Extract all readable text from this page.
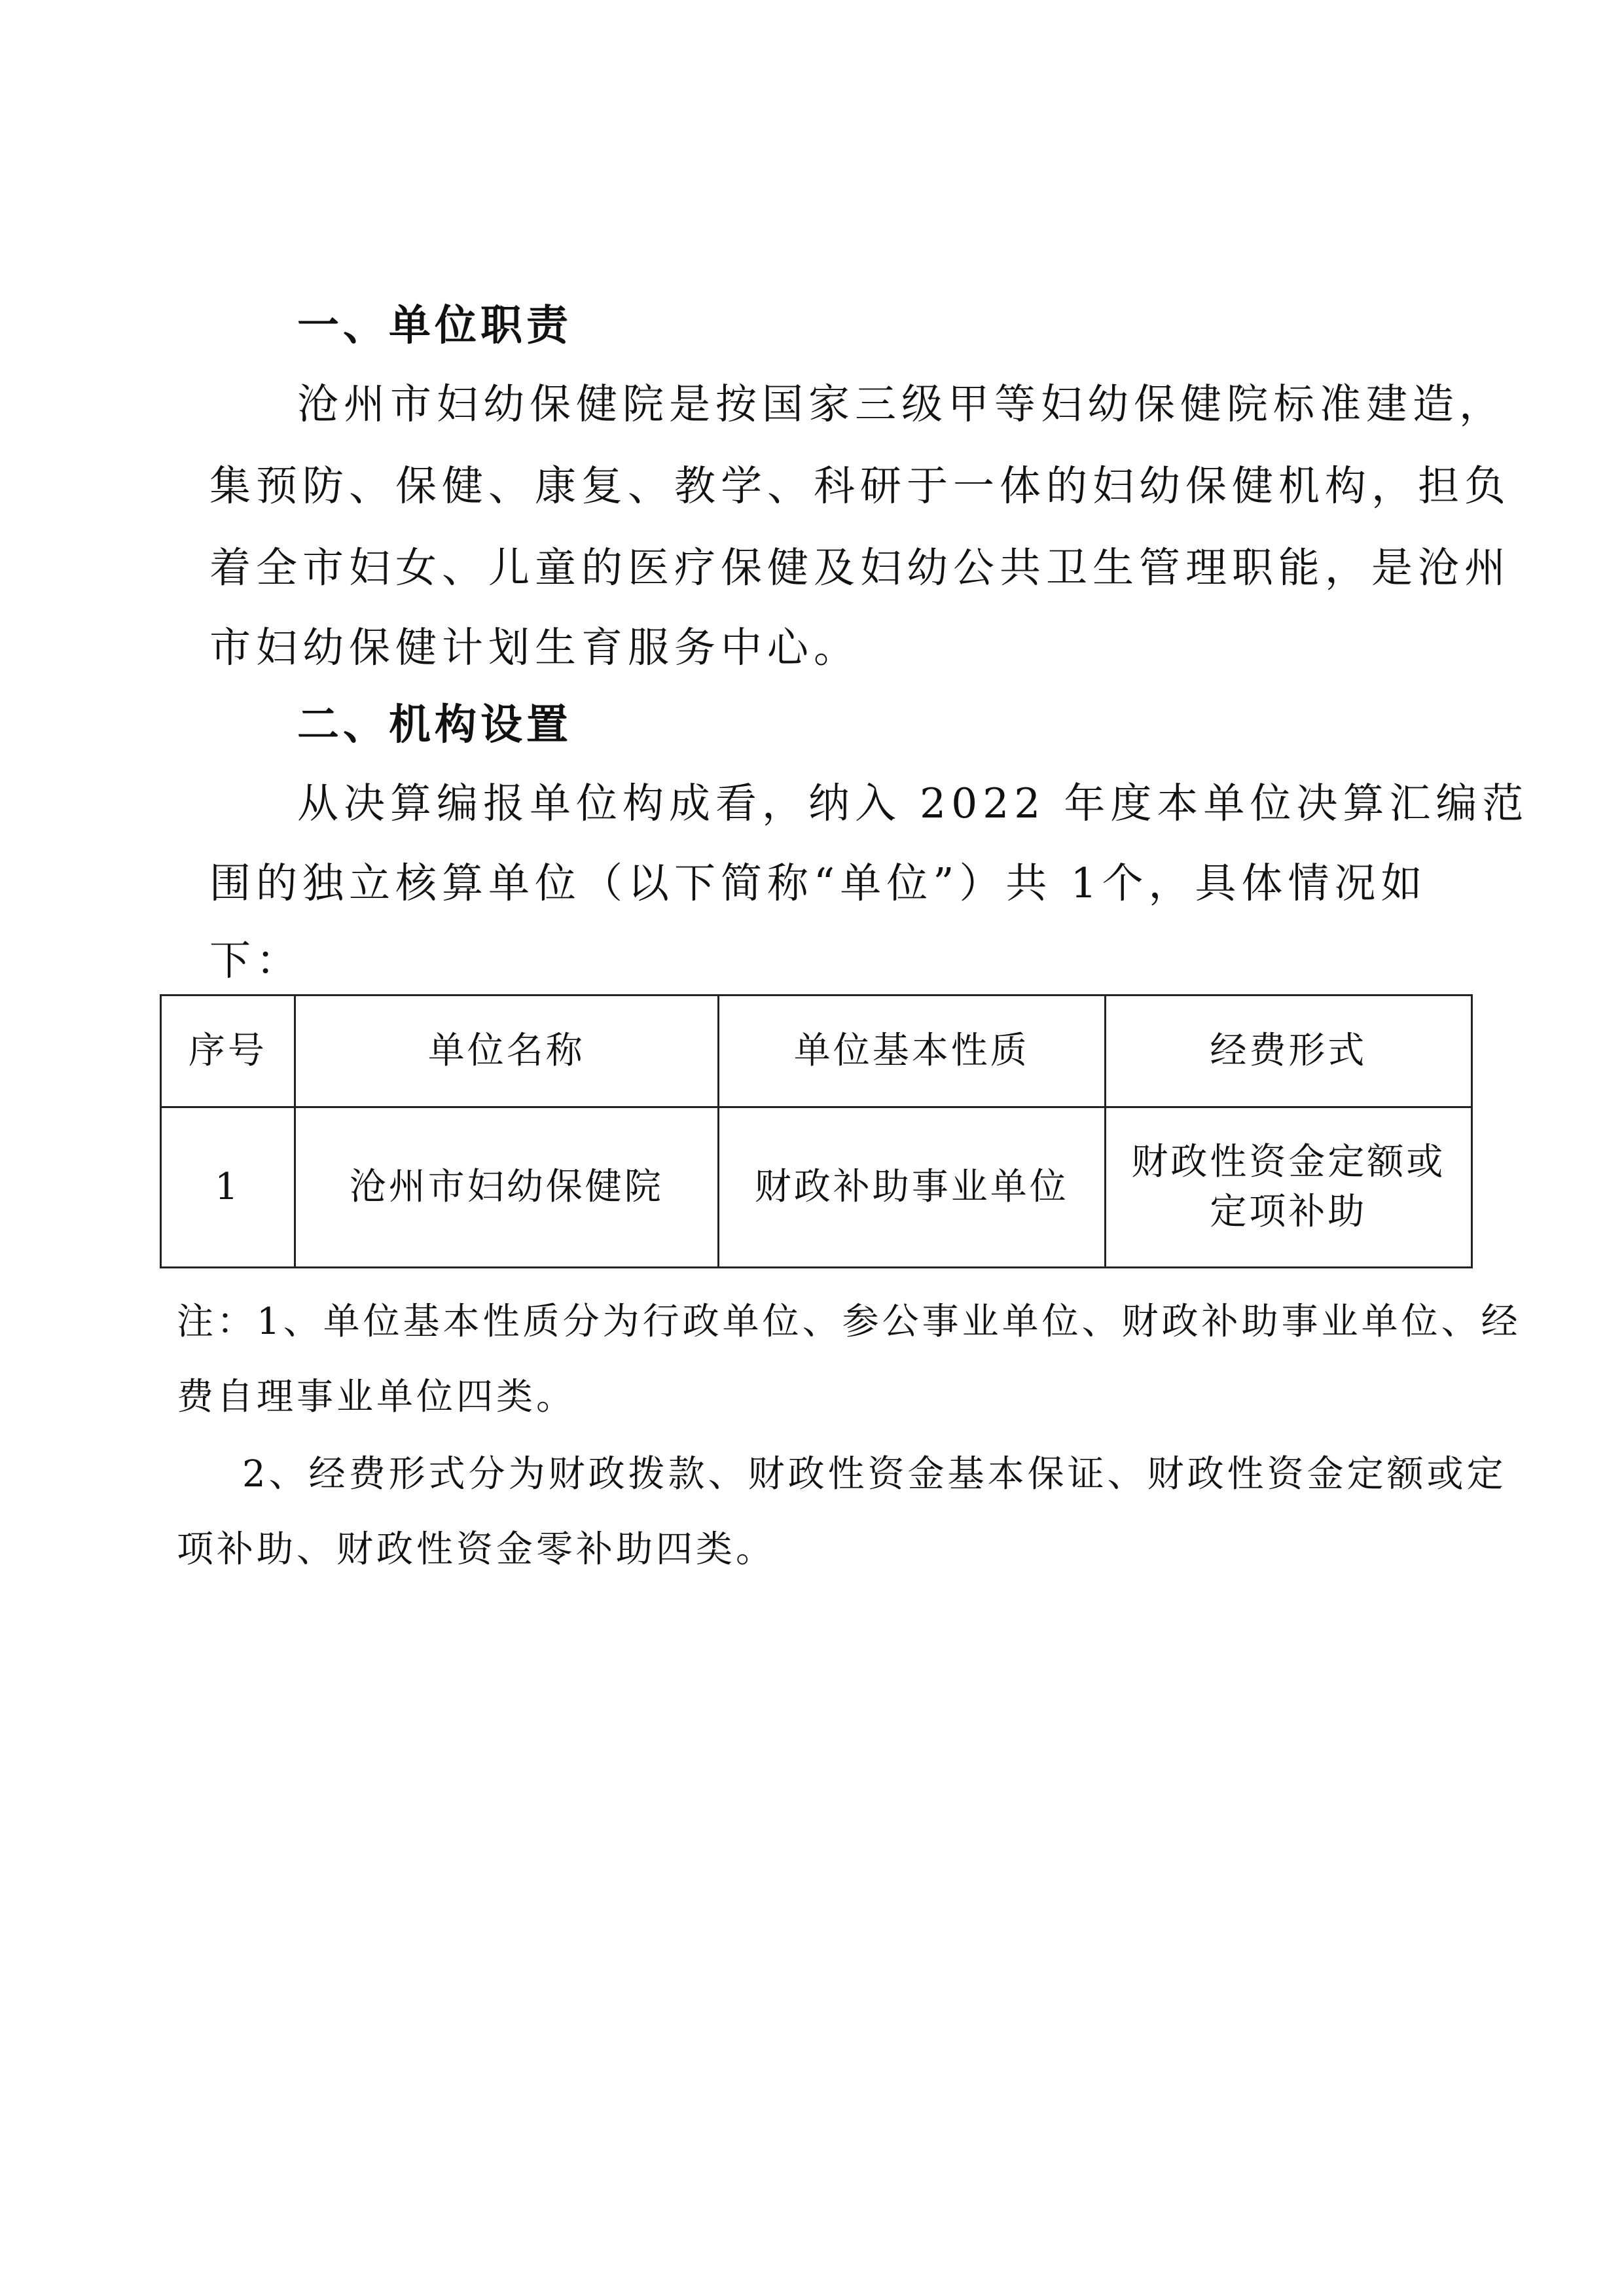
一、单位职责
沧州市妇幼保健院是按国家三级甲等妇幼保健院标准建造，
集预防、保健、康复、教学、科研于一体的妇幼保健机构，担负
着全市妇女、儿童的医疗保健及妇幼公共卫生管理职能，是沧州
市妇幼保健计划生育服务中心。
二、机构设置
从决算编报单位构成看，纳入 2022 年度本单位决算汇编范
围的独立核算单位（以下简称“单位”）共 1个，具体情况如
下：
序号	单位名称	单位基本性质	经费形式
1	沧州市妇幼保健院	财政补助事业单位	财政性资金定额或
定项补助
注：1、单位基本性质分为行政单位、参公事业单位、财政补助事业单位、经
费自理事业单位四类。
2、经费形式分为财政拨款、财政性资金基本保证、财政性资金定额或定
项补助、财政性资金零补助四类。
